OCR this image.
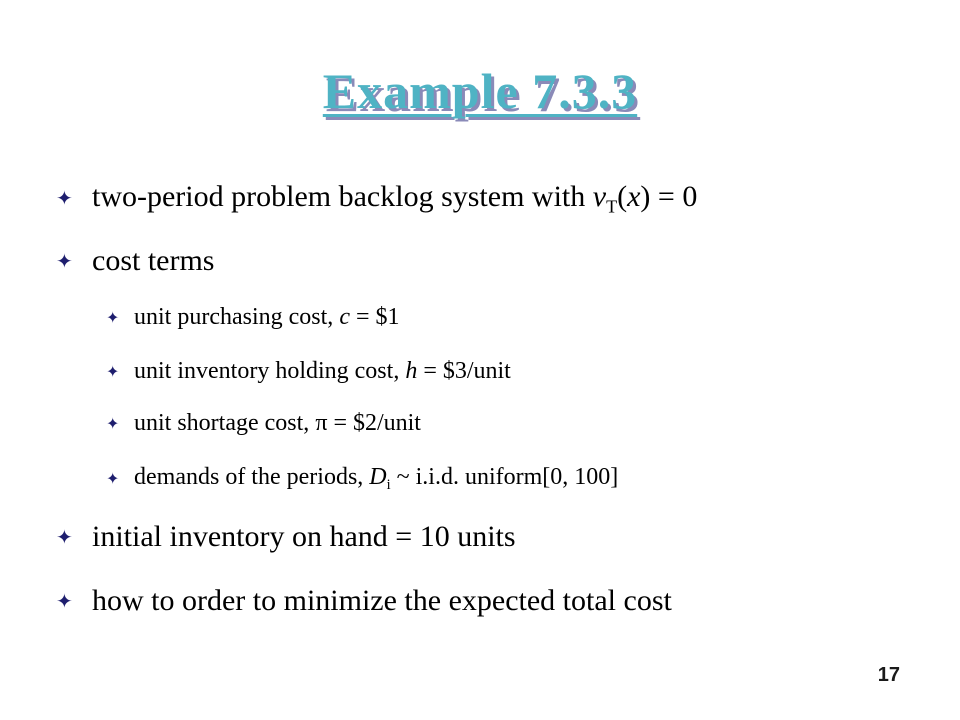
Example 7.3.3
✦ two-period problem backlog system with $v_T(x) = 0$
✦ cost terms
✦ unit purchasing cost, c = $1
✦ unit inventory holding cost, h = $3/unit
✦ unit shortage cost, π = $2/unit
✦ demands of the periods, $D_i$ ~ i.i.d. uniform[0, 100]
✦ initial inventory on hand = 10 units
✦ how to order to minimize the expected total cost
17
